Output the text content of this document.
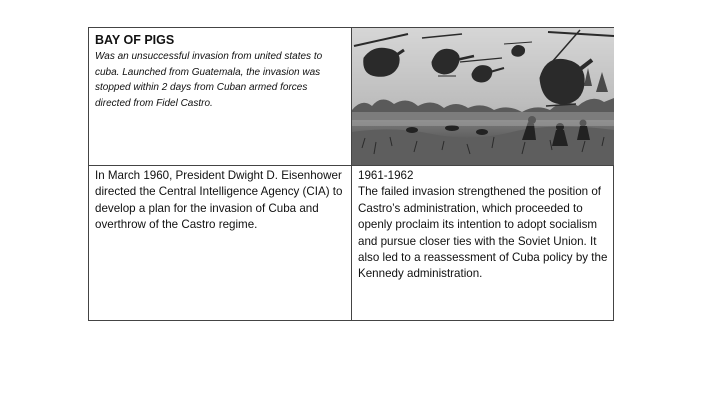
BAY OF PIGS

Was an unsuccessful invasion from united states to cuba. Launched from Guatemala, the invasion was stopped within 2 days from Cuban armed forces directed from Fidel Castro.

In March 1960, President Dwight D. Eisenhower directed the Central Intelligence Agency (CIA) to develop a plan for the invasion of Cuba and overthrow of the Castro regime.

1961-1962

The failed invasion strengthened the position of Castro’s administration, which proceeded to openly proclaim its intention to adopt socialism and pursue closer ties with the Soviet Union. It also led to a reassessment of Cuba policy by the Kennedy administration.
